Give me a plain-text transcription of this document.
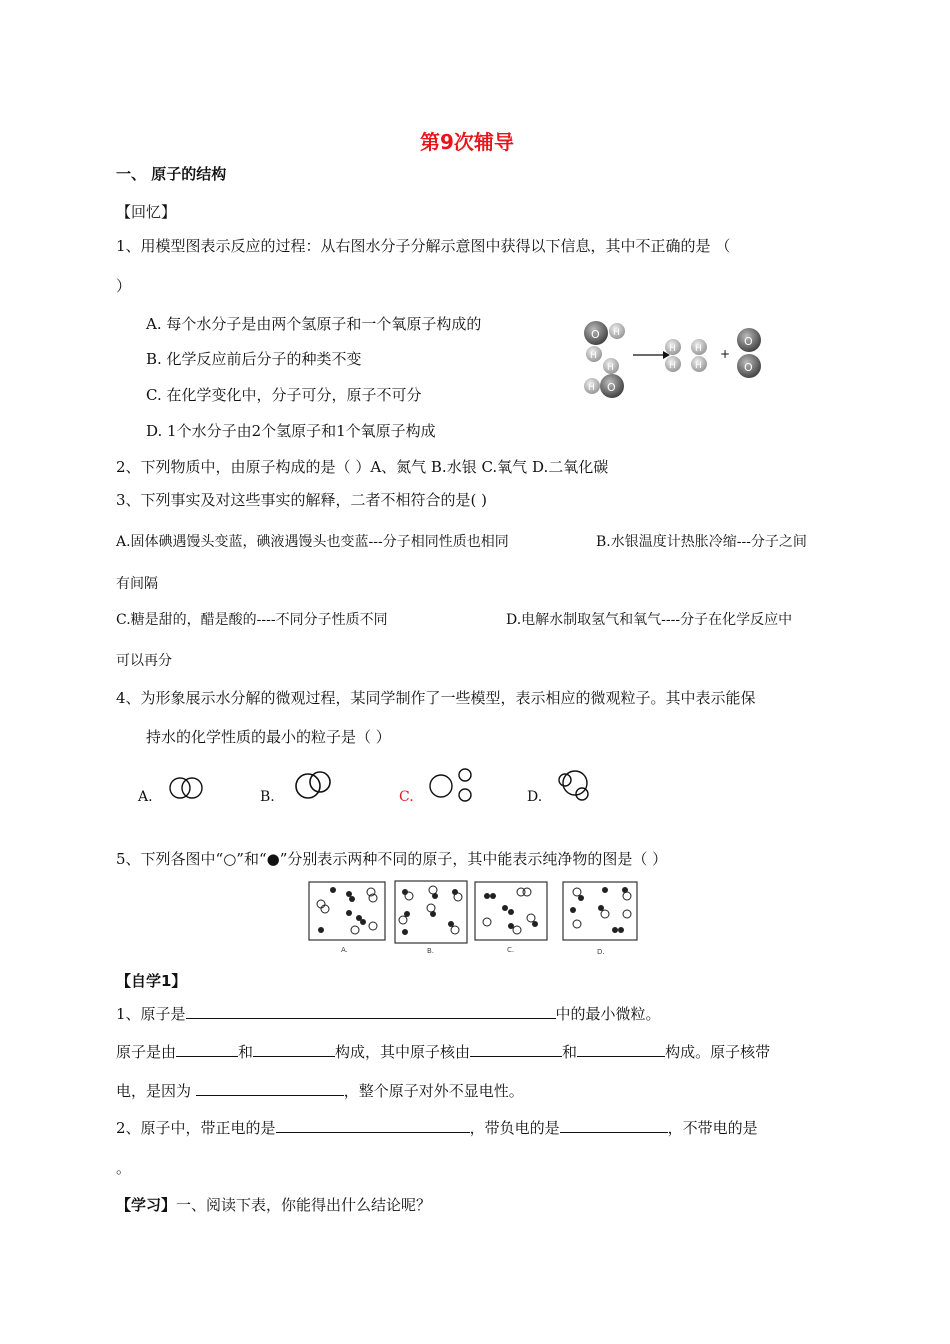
第9次辅导
一、 原子的结构
【回忆】
1、用模型图表示反应的过程：从右图水分子分解示意图中获得以下信息，其中不正确的是 （
）
A. 每个水分子是由两个氢原子和一个氧原子构成的
B. 化学反应前后分子的种类不变
C. 在化学变化中，分子可分，原子不可分
D. 1个水分子由2个氢原子和1个氧原子构成
O H
H
O
H
H
H
H
H
H
+
O
O
2、下列物质中，由原子构成的是（ ）A、氮气 B.水银 C.氧气 D.二氧化碳
3、下列事实及对这些事实的解释，二者不相符合的是( )
A.固体碘遇馒头变蓝，碘液遇馒头也变蓝---分子相同性质也相同	B.水银温度计热胀冷缩---分子之间
有间隔
C.糖是甜的，醋是酸的----不同分子性质不同	D.电解水制取氢气和氧气----分子在化学反应中
可以再分
4、为形象展示水分解的微观过程，某同学制作了一些模型，表示相应的微观粒子。其中表示能保
持水的化学性质的最小的粒子是（ ）
A.	B.	C.	D.
5、下列各图中“○”和“●”分别表示两种不同的原子，其中能表示纯净物的图是（ ）
A.	B.	C.	D.
【自学1】
1、原子是	中的最小微粒。
原子是由	和	构成，其中原子核由	和	构成。原子核带
电，是因为	，整个原子对外不显电性。
2、原子中，带正电的是	，带负电的是	，不带电的是
。
【学习】一、阅读下表，你能得出什么结论呢？
